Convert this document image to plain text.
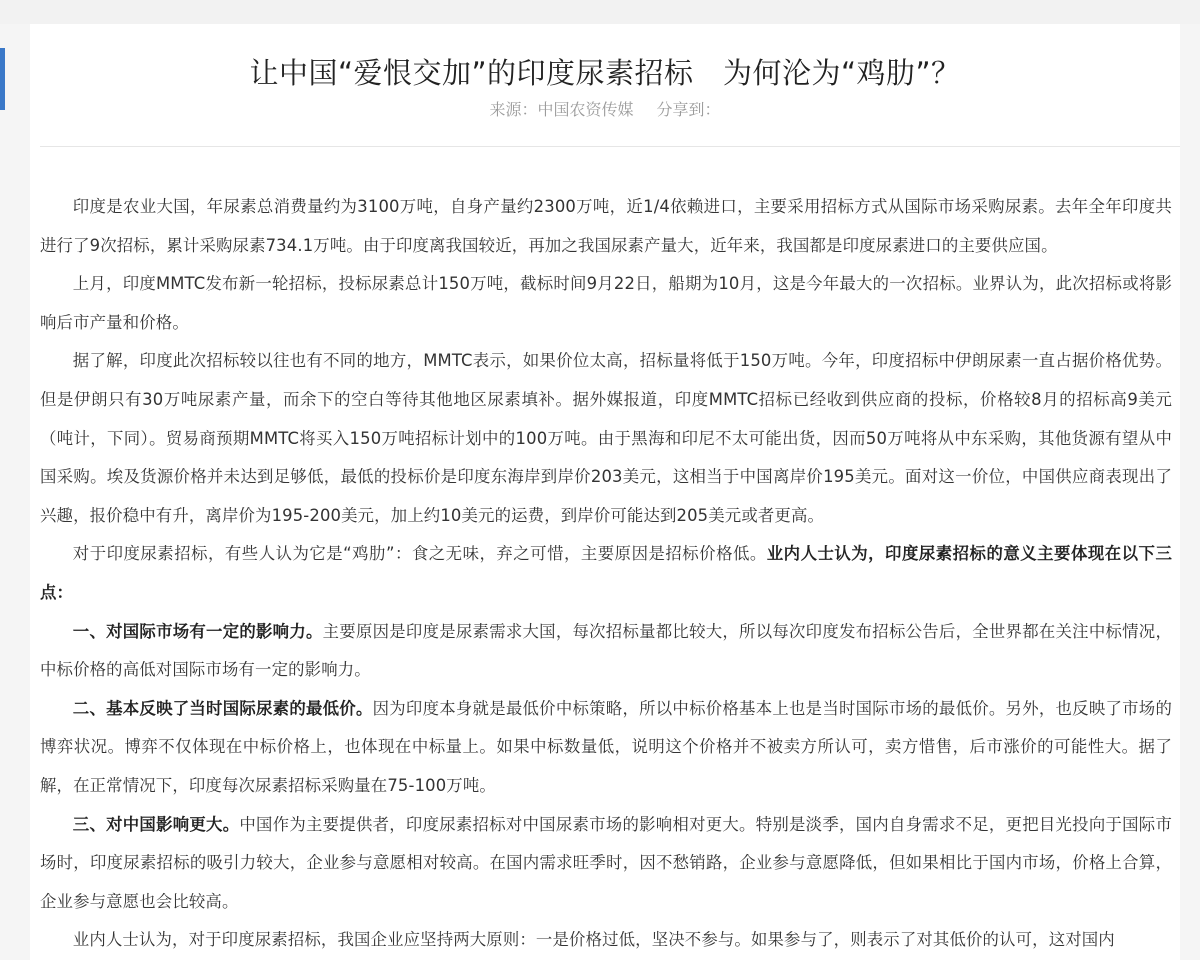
让中国“爱恨交加”的印度尿素招标　为何沦为“鸡肋”？
来源：中国农资传媒 分享到：

印度是农业大国，年尿素总消费量约为3100万吨，自身产量约2300万吨，近1/4依赖进口，主要采用招标方式从国际市场采购尿素。去年全年印度共进行了9次招标，累计采购尿素734.1万吨。由于印度离我国较近，再加之我国尿素产量大，近年来，我国都是印度尿素进口的主要供应国。

上月，印度MMTC发布新一轮招标，投标尿素总计150万吨，截标时间9月22日，船期为10月，这是今年最大的一次招标。业界认为，此次招标或将影响后市产量和价格。

据了解，印度此次招标较以往也有不同的地方，MMTC表示，如果价位太高，招标量将低于150万吨。今年，印度招标中伊朗尿素一直占据价格优势。但是伊朗只有30万吨尿素产量，而余下的空白等待其他地区尿素填补。据外媒报道，印度MMTC招标已经收到供应商的投标，价格较8月的招标高9美元（吨计，下同）。贸易商预期MMTC将买入150万吨招标计划中的100万吨。由于黑海和印尼不太可能出货，因而50万吨将从中东采购，其他货源有望从中国采购。埃及货源价格并未达到足够低，最低的投标价是印度东海岸到岸价203美元，这相当于中国离岸价195美元。面对这一价位，中国供应商表现出了兴趣，报价稳中有升，离岸价为195-200美元，加上约10美元的运费，到岸价可能达到205美元或者更高。

对于印度尿素招标，有些人认为它是“鸡肋”：食之无味，弃之可惜，主要原因是招标价格低。业内人士认为，印度尿素招标的意义主要体现在以下三点：

一、对国际市场有一定的影响力。主要原因是印度是尿素需求大国，每次招标量都比较大，所以每次印度发布招标公告后，全世界都在关注中标情况，中标价格的高低对国际市场有一定的影响力。

二、基本反映了当时国际尿素的最低价。因为印度本身就是最低价中标策略，所以中标价格基本上也是当时国际市场的最低价。另外，也反映了市场的博弈状况。博弈不仅体现在中标价格上，也体现在中标量上。如果中标数量低，说明这个价格并不被卖方所认可，卖方惜售，后市涨价的可能性大。据了解，在正常情况下，印度每次尿素招标采购量在75-100万吨。

三、对中国影响更大。中国作为主要提供者，印度尿素招标对中国尿素市场的影响相对更大。特别是淡季，国内自身需求不足，更把目光投向于国际市场时，印度尿素招标的吸引力较大，企业参与意愿相对较高。在国内需求旺季时，因不愁销路，企业参与意愿降低，但如果相比于国内市场，价格上合算，企业参与意愿也会比较高。

业内人士认为，对于印度尿素招标，我国企业应坚持两大原则：一是价格过低，坚决不参与。如果参与了，则表示了对其低价的认可，这对国内
